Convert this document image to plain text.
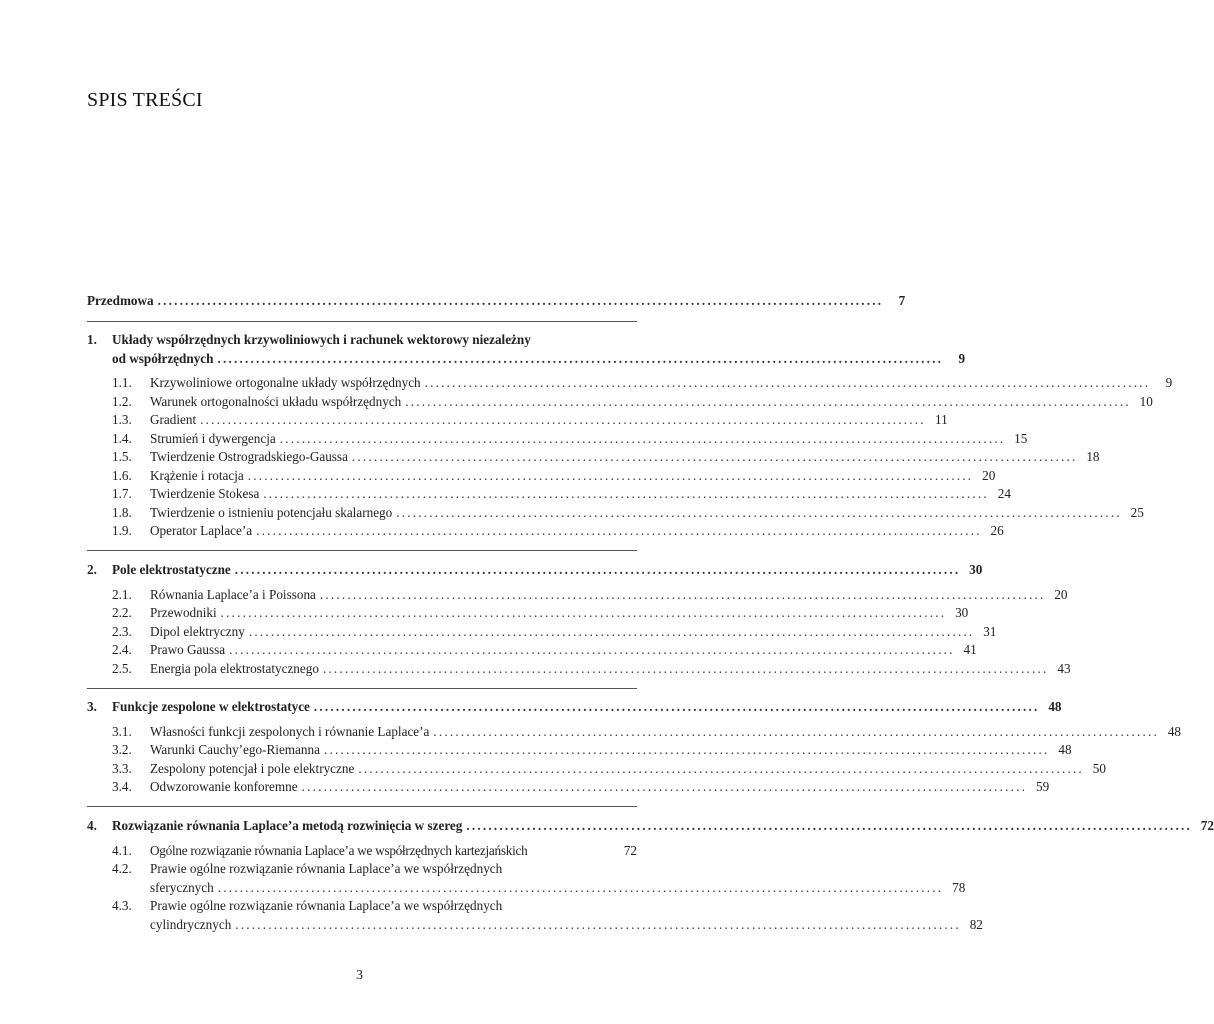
SPIS TREŚCI
Przedmowa ....................................................................................................................................	7
1. Układy współrzędnych krzywoliniowych i rachunek wektorowy niezależny
od współrzędnych ....................................................................................................................................	9
1.1. Krzywoliniowe ortogonalne układy współrzędnych ....................................................................................................................................	9
1.2. Warunek ortogonalności układu współrzędnych .................................................................................................................................... 10
1.3. Gradient .................................................................................................................................... 11
1.4. Strumień i dywergencja .................................................................................................................................... 15
1.5. Twierdzenie Ostrogradskiego-Gaussa .................................................................................................................................... 18
1.6. Krążenie i rotacja .................................................................................................................................... 20
1.7. Twierdzenie Stokesa .................................................................................................................................... 24
1.8. Twierdzenie o istnieniu potencjału skalarnego .................................................................................................................................... 25
1.9. Operator Laplace’a .................................................................................................................................... 26
2. Pole elektrostatyczne .................................................................................................................................... 30
2.1. Równania Laplace’a i Poissona .................................................................................................................................... 20
2.2. Przewodniki .................................................................................................................................... 30
2.3. Dipol elektryczny .................................................................................................................................... 31
2.4. Prawo Gaussa .................................................................................................................................... 41
2.5. Energia pola elektrostatycznego .................................................................................................................................... 43
3. Funkcje zespolone w elektrostatyce .................................................................................................................................... 48
3.1. Własności funkcji zespolonych i równanie Laplace’a .................................................................................................................................... 48
3.2. Warunki Cauchy’ego-Riemanna .................................................................................................................................... 48
3.3. Zespolony potencjał i pole elektryczne .................................................................................................................................... 50
3.4. Odwzorowanie konforemne .................................................................................................................................... 59
4. Rozwiązanie równania Laplace’a metodą rozwinięcia w szereg .................................................................................................................................... 72
4.1. Ogólne rozwiązanie równania Laplace’a we współrzędnych kartezjańskich	72
4.2. Prawie ogólne rozwiązanie równania Laplace’a we współrzędnych
sferycznych .................................................................................................................................... 78
4.3. Prawie ogólne rozwiązanie równania Laplace’a we współrzędnych
cylindrycznych .................................................................................................................................... 82
3
